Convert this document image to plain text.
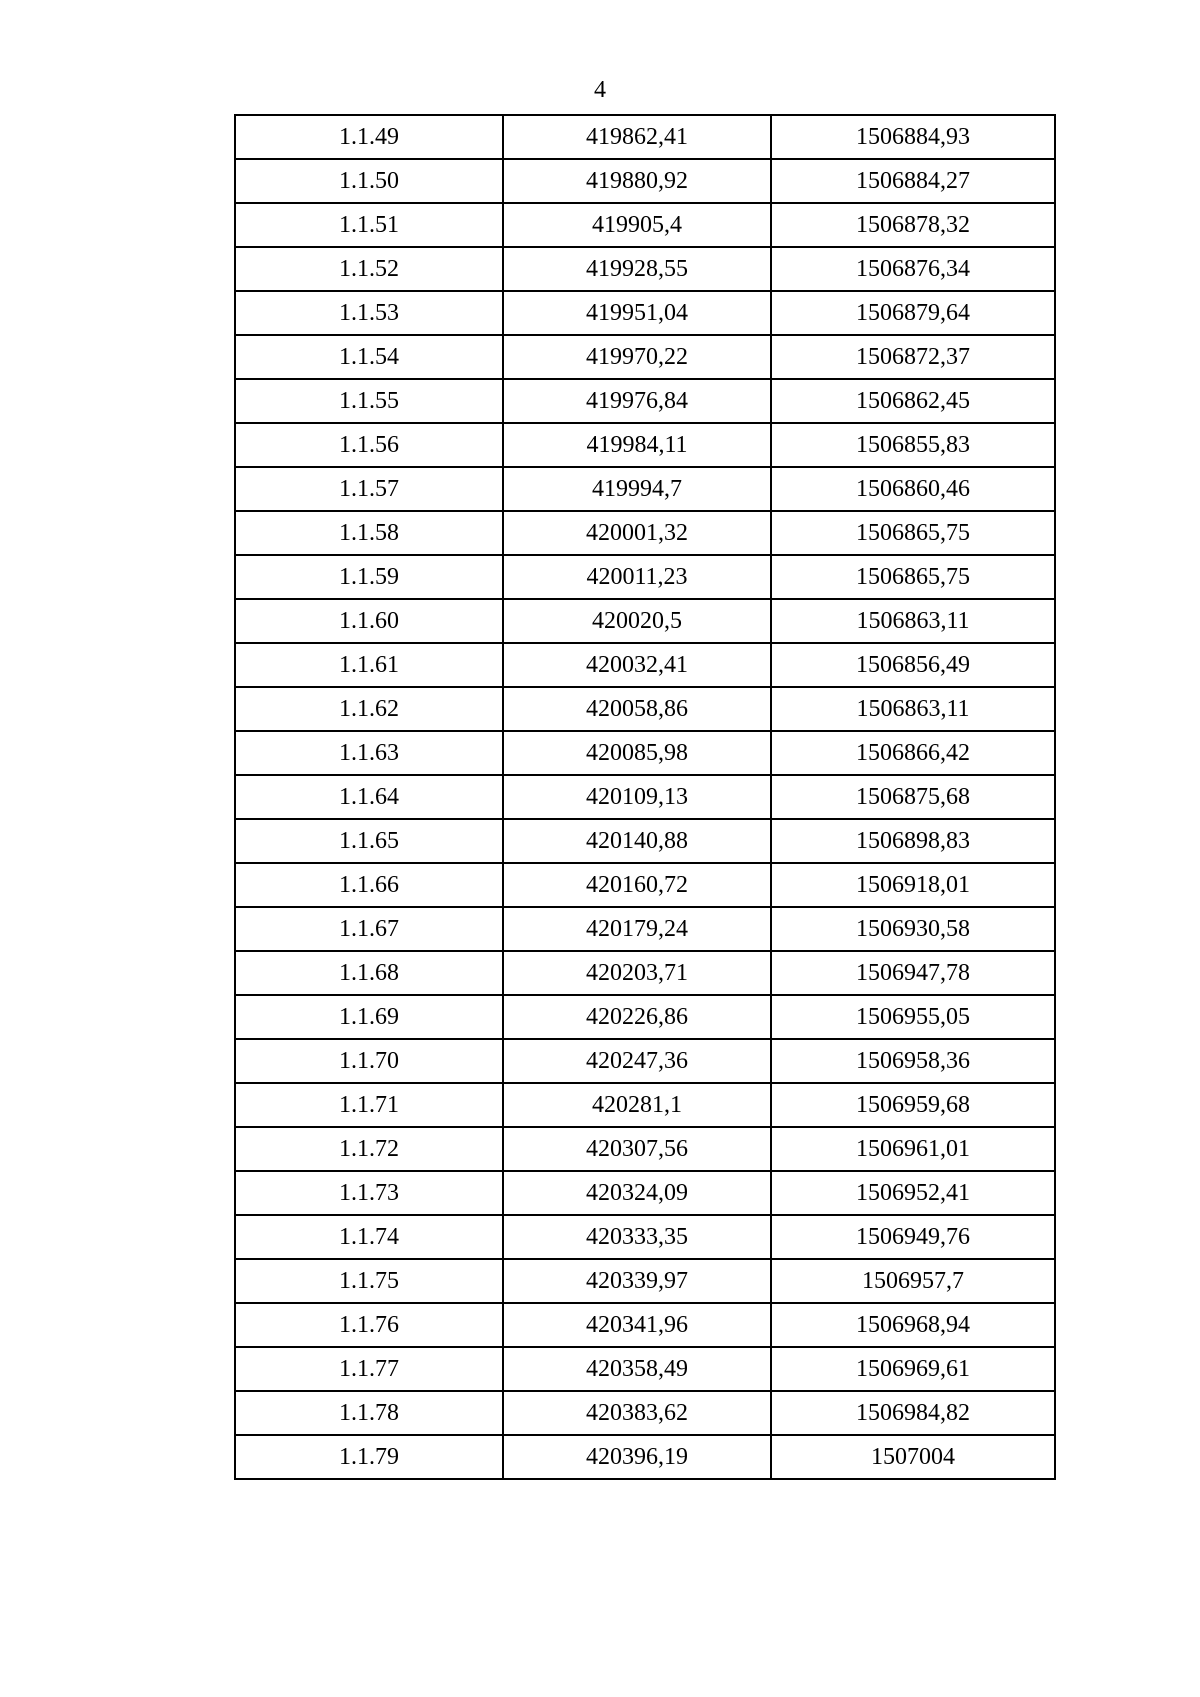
4
1.1.49	419862,41	1506884,93
1.1.50	419880,92	1506884,27
1.1.51	419905,4	1506878,32
1.1.52	419928,55	1506876,34
1.1.53	419951,04	1506879,64
1.1.54	419970,22	1506872,37
1.1.55	419976,84	1506862,45
1.1.56	419984,11	1506855,83
1.1.57	419994,7	1506860,46
1.1.58	420001,32	1506865,75
1.1.59	420011,23	1506865,75
1.1.60	420020,5	1506863,11
1.1.61	420032,41	1506856,49
1.1.62	420058,86	1506863,11
1.1.63	420085,98	1506866,42
1.1.64	420109,13	1506875,68
1.1.65	420140,88	1506898,83
1.1.66	420160,72	1506918,01
1.1.67	420179,24	1506930,58
1.1.68	420203,71	1506947,78
1.1.69	420226,86	1506955,05
1.1.70	420247,36	1506958,36
1.1.71	420281,1	1506959,68
1.1.72	420307,56	1506961,01
1.1.73	420324,09	1506952,41
1.1.74	420333,35	1506949,76
1.1.75	420339,97	1506957,7
1.1.76	420341,96	1506968,94
1.1.77	420358,49	1506969,61
1.1.78	420383,62	1506984,82
1.1.79	420396,19	1507004
